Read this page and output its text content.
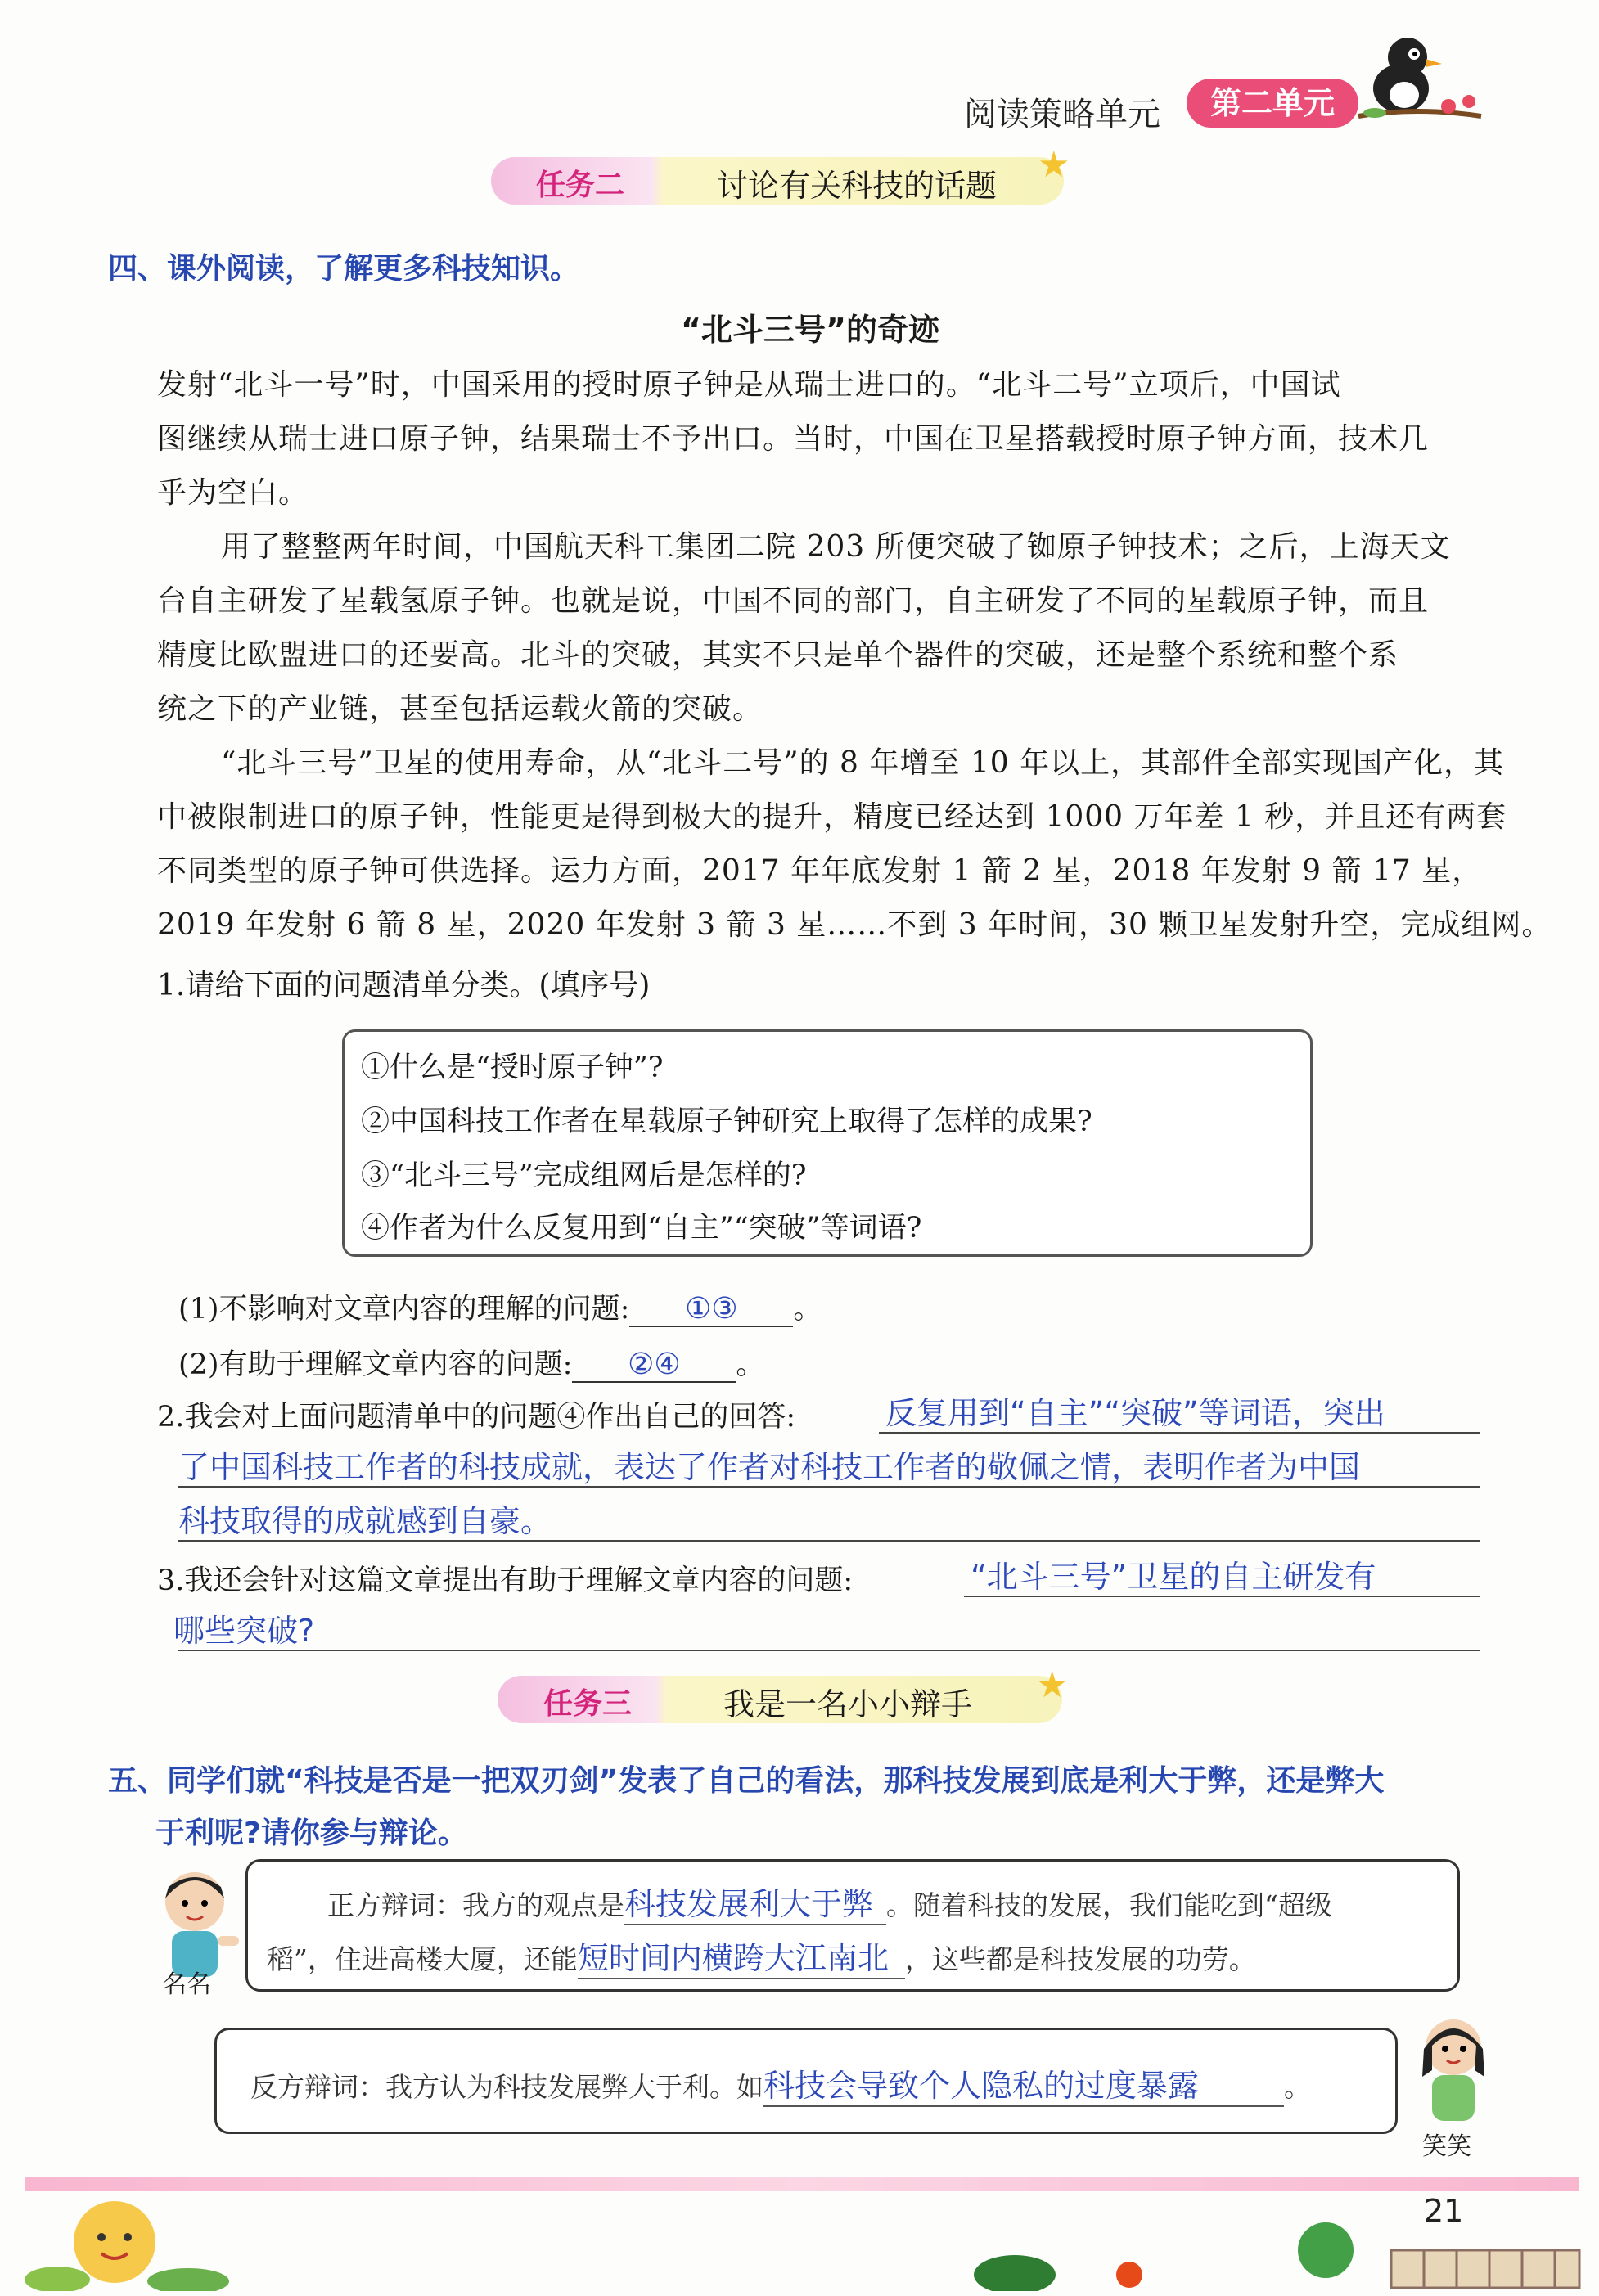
阅读策略单元	第二单元
任务二	讨论有关科技的话题 ★
四、课外阅读，了解更多科技知识。
“北斗三号”的奇迹
发射“北斗一号”时，中国采用的授时原子钟是从瑞士进口的。“北斗二号”立项后，中国试
图继续从瑞士进口原子钟，结果瑞士不予出口。当时，中国在卫星搭载授时原子钟方面，技术几
乎为空白。
用了整整两年时间，中国航天科工集团二院 203 所便突破了铷原子钟技术；之后，上海天文
台自主研发了星载氢原子钟。也就是说，中国不同的部门，自主研发了不同的星载原子钟，而且
精度比欧盟进口的还要高。北斗的突破，其实不只是单个器件的突破，还是整个系统和整个系
统之下的产业链，甚至包括运载火箭的突破。
“北斗三号”卫星的使用寿命，从“北斗二号”的 8 年增至 10 年以上，其部件全部实现国产化，其
中被限制进口的原子钟，性能更是得到极大的提升，精度已经达到 1000 万年差 1 秒，并且还有两套
不同类型的原子钟可供选择。运力方面，2017 年年底发射 1 箭 2 星，2018 年发射 9 箭 17 星，
2019 年发射 6 箭 8 星，2020 年发射 3 箭 3 星……不到 3 年时间，30 颗卫星发射升空，完成组网。
1.请给下面的问题清单分类。(填序号)
①什么是“授时原子钟”?
②中国科技工作者在星载原子钟研究上取得了怎样的成果?
③“北斗三号”完成组网后是怎样的?
④作者为什么反复用到“自主”“突破”等词语?
(1)不影响对文章内容的理解的问题: ①③ 。
(2)有助于理解文章内容的问题: ②④ 。
2.我会对上面问题清单中的问题④作出自己的回答:	反复用到“自主”“突破”等词语，突出
了中国科技工作者的科技成就，表达了作者对科技工作者的敬佩之情，表明作者为中国
科技取得的成就感到自豪。
3.我还会针对这篇文章提出有助于理解文章内容的问题:	“北斗三号”卫星的自主研发有
哪些突破?
任务三	我是一名小小辩手 ★
五、同学们就“科技是否是一把双刃剑”发表了自己的看法，那科技发展到底是利大于弊，还是弊大
于利呢?请你参与辩论。
名名
正方辩词：我方的观点是科技发展利大于弊 。随着科技的发展，我们能吃到“超级
稻”，住进高楼大厦，还能短时间内横跨大江南北 ，这些都是科技发展的功劳。
反方辩词：我方认为科技发展弊大于利。如科技会导致个人隐私的过度暴露	。
笑笑
21
